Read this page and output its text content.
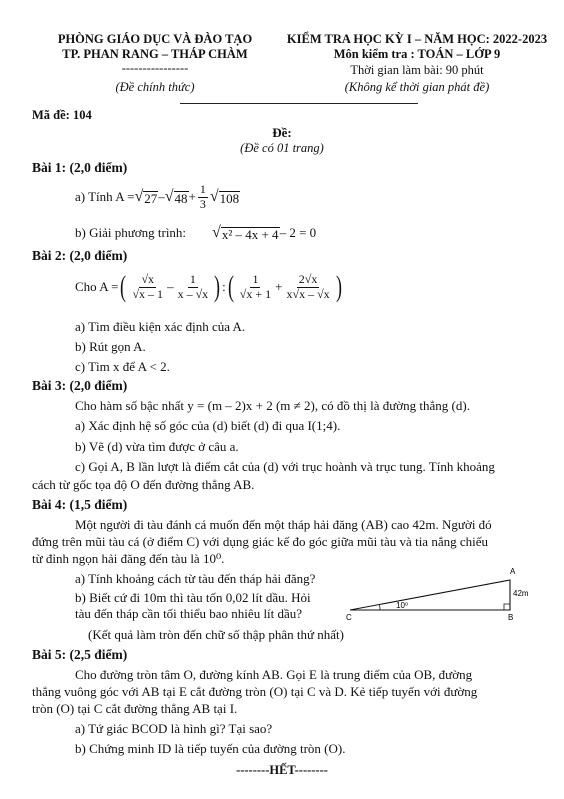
PHÒNG GIÁO DỤC VÀ ĐÀO TẠO
TP. PHAN RANG – THÁP CHÀM
----------------
(Đề chính thức)
KIỂM TRA HỌC KỲ I – NĂM HỌC: 2022-2023
Môn kiểm tra : TOÁN – LỚP 9
Thời gian làm bài: 90 phút
(Không kể thời gian phát đề)
Mã đề: 104
Đề:
(Đề có 01 trang)
Bài 1: (2,0 điểm)
a) Tính A = √ 27 – √ $48 + \frac{1}{3}$ √ 108
b) Giải phương trình: √ x² – 4x + 4 – 2 = 0
Bài 2: (2,0 điểm)
Cho A = ( $\frac{√x}{√x - 1} - \frac{1}{x - √x}$ ) : ( $\frac{1}{√x + 1} + \frac{2√x}{x√x - √x}$ )
a) Tìm điều kiện xác định của A.
b) Rút gọn A.
c) Tìm x để A < 2.
Bài 3: (2,0 điểm)
Cho hàm số bậc nhất y = (m – 2)x + 2 (m ≠ 2), có đồ thị là đường thẳng (d).
a) Xác định hệ số góc của (d) biết (d) đi qua I(1;4).
b) Vẽ (d) vừa tìm được ở câu a.
c) Gọi A, B lần lượt là điểm cắt của (d) với trục hoành và trục tung. Tính khoảng
cách từ gốc tọa độ O đến đường thẳng AB.
Bài 4: (1,5 điểm)
Một người đi tàu đánh cá muốn đến một tháp hải đăng (AB) cao 42m. Người đó
đứng trên mũi tàu cá (ở điểm C) với dụng giác kế đo góc giữa mũi tàu và tia nắng chiếu
từ đỉnh ngọn hải đăng đến tàu là 10⁰.
a) Tính khoảng cách từ tàu đến tháp hải đăng?
b) Biết cứ đi 10m thì tàu tốn 0,02 lít dầu. Hỏi
tàu đến tháp cần tối thiểu bao nhiêu lít dầu?
(Kết quả làm tròn đến chữ số thập phân thứ nhất)
A
42m
C	B
10⁰
Bài 5: (2,5 điểm)
Cho đường tròn tâm O, đường kính AB. Gọi E là trung điểm của OB, đường
thẳng vuông góc với AB tại E cắt đường tròn (O) tại C và D. Kẻ tiếp tuyến với đường
tròn (O) tại C cắt đường thẳng AB tại I.
a) Tứ giác BCOD là hình gì? Tại sao?
b) Chứng minh ID là tiếp tuyến của đường tròn (O).
--------HẾT--------
